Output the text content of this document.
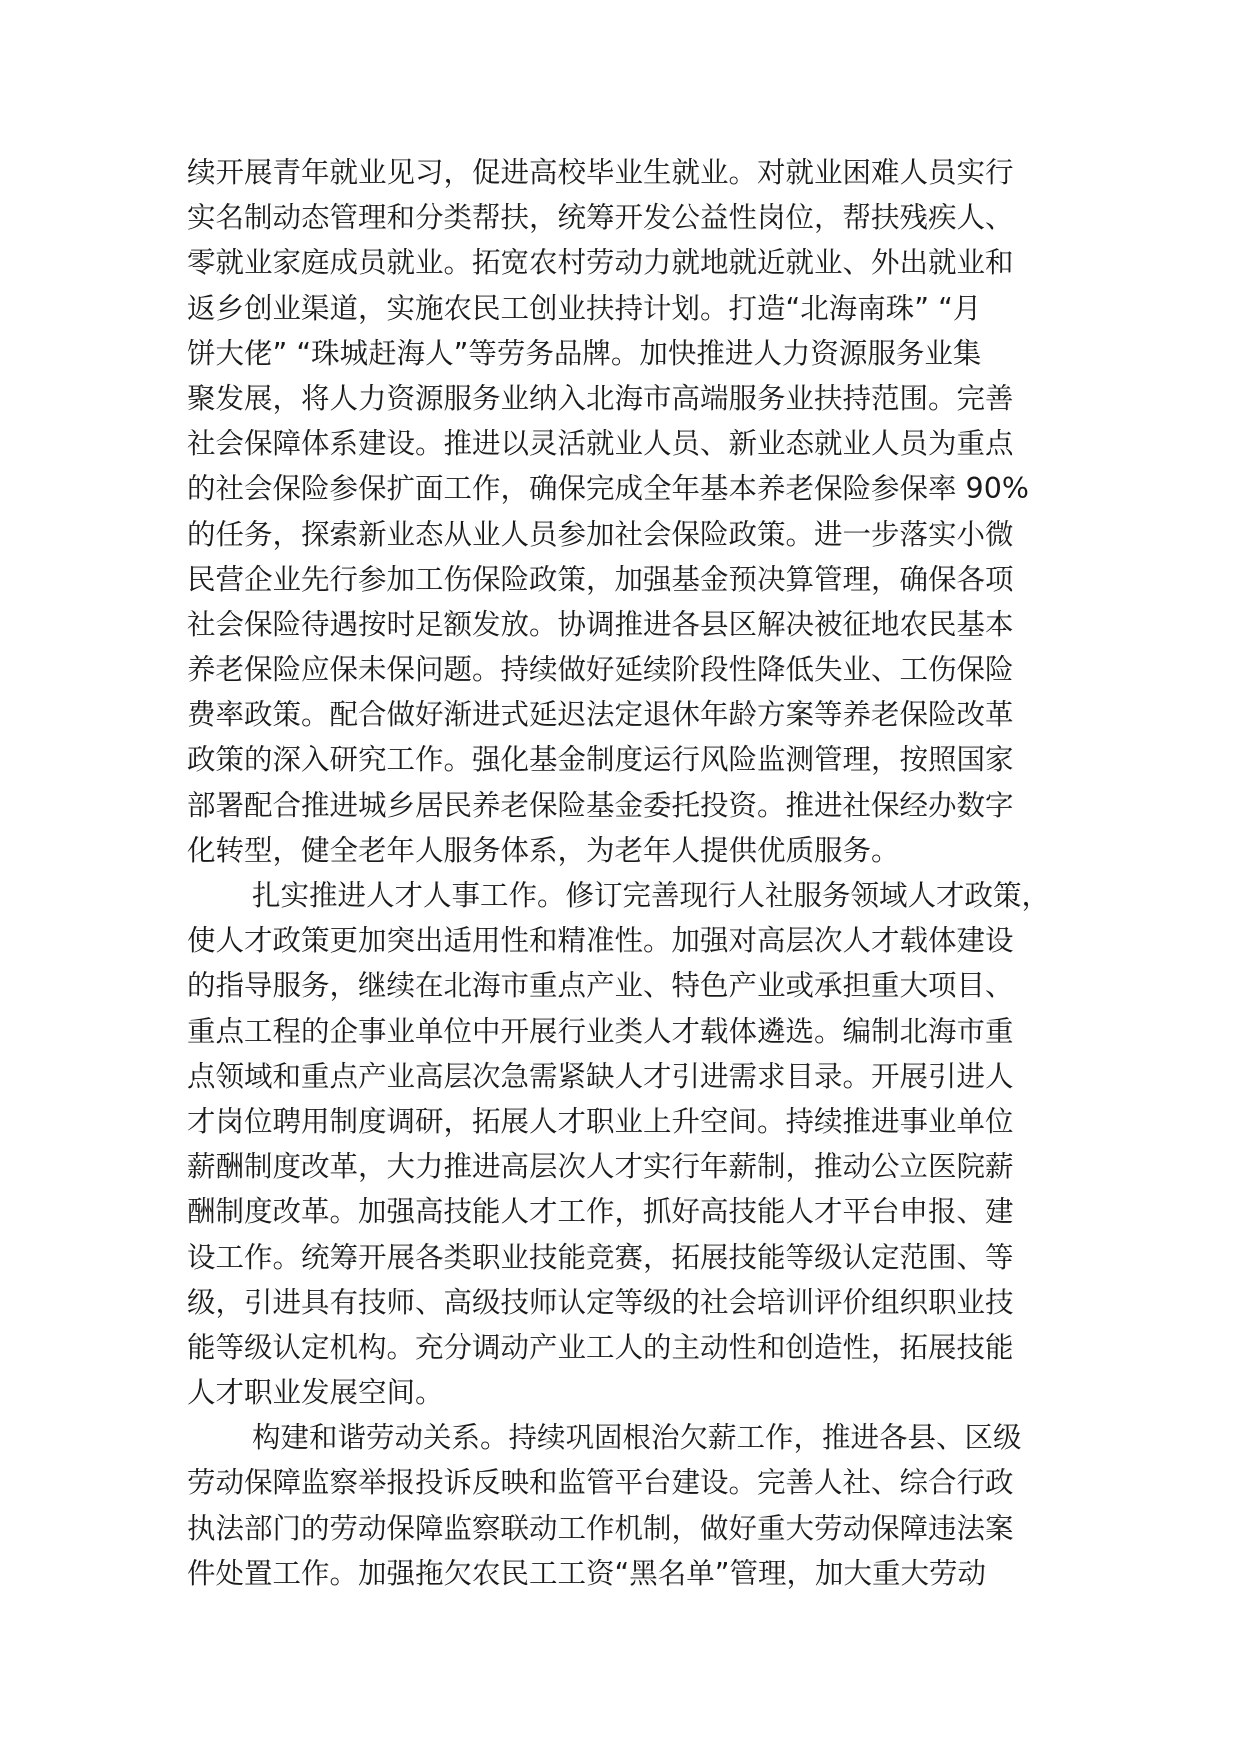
续开展青年就业见习，促进高校毕业生就业。对就业困难人员实行
实名制动态管理和分类帮扶，统筹开发公益性岗位，帮扶残疾人、
零就业家庭成员就业。拓宽农村劳动力就地就近就业、外出就业和
返乡创业渠道，实施农民工创业扶持计划。打造“北海南珠” “月
饼大佬” “珠城赶海人”等劳务品牌。加快推进人力资源服务业集
聚发展，将人力资源服务业纳入北海市高端服务业扶持范围。完善
社会保障体系建设。推进以灵活就业人员、新业态就业人员为重点
的社会保险参保扩面工作，确保完成全年基本养老保险参保率 90%
的任务，探索新业态从业人员参加社会保险政策。进一步落实小微
民营企业先行参加工伤保险政策，加强基金预决算管理，确保各项
社会保险待遇按时足额发放。协调推进各县区解决被征地农民基本
养老保险应保未保问题。持续做好延续阶段性降低失业、工伤保险
费率政策。配合做好渐进式延迟法定退休年龄方案等养老保险改革
政策的深入研究工作。强化基金制度运行风险监测管理，按照国家
部署配合推进城乡居民养老保险基金委托投资。推进社保经办数字
化转型，健全老年人服务体系，为老年人提供优质服务。

扎实推进人才人事工作。修订完善现行人社服务领域人才政策，
使人才政策更加突出适用性和精准性。加强对高层次人才载体建设
的指导服务，继续在北海市重点产业、特色产业或承担重大项目、
重点工程的企事业单位中开展行业类人才载体遴选。编制北海市重
点领域和重点产业高层次急需紧缺人才引进需求目录。开展引进人
才岗位聘用制度调研，拓展人才职业上升空间。持续推进事业单位
薪酬制度改革，大力推进高层次人才实行年薪制，推动公立医院薪
酬制度改革。加强高技能人才工作，抓好高技能人才平台申报、建
设工作。统筹开展各类职业技能竞赛，拓展技能等级认定范围、等
级，引进具有技师、高级技师认定等级的社会培训评价组织职业技
能等级认定机构。充分调动产业工人的主动性和创造性，拓展技能
人才职业发展空间。

构建和谐劳动关系。持续巩固根治欠薪工作，推进各县、区级
劳动保障监察举报投诉反映和监管平台建设。完善人社、综合行政
执法部门的劳动保障监察联动工作机制，做好重大劳动保障违法案
件处置工作。加强拖欠农民工工资“黑名单”管理，加大重大劳动
